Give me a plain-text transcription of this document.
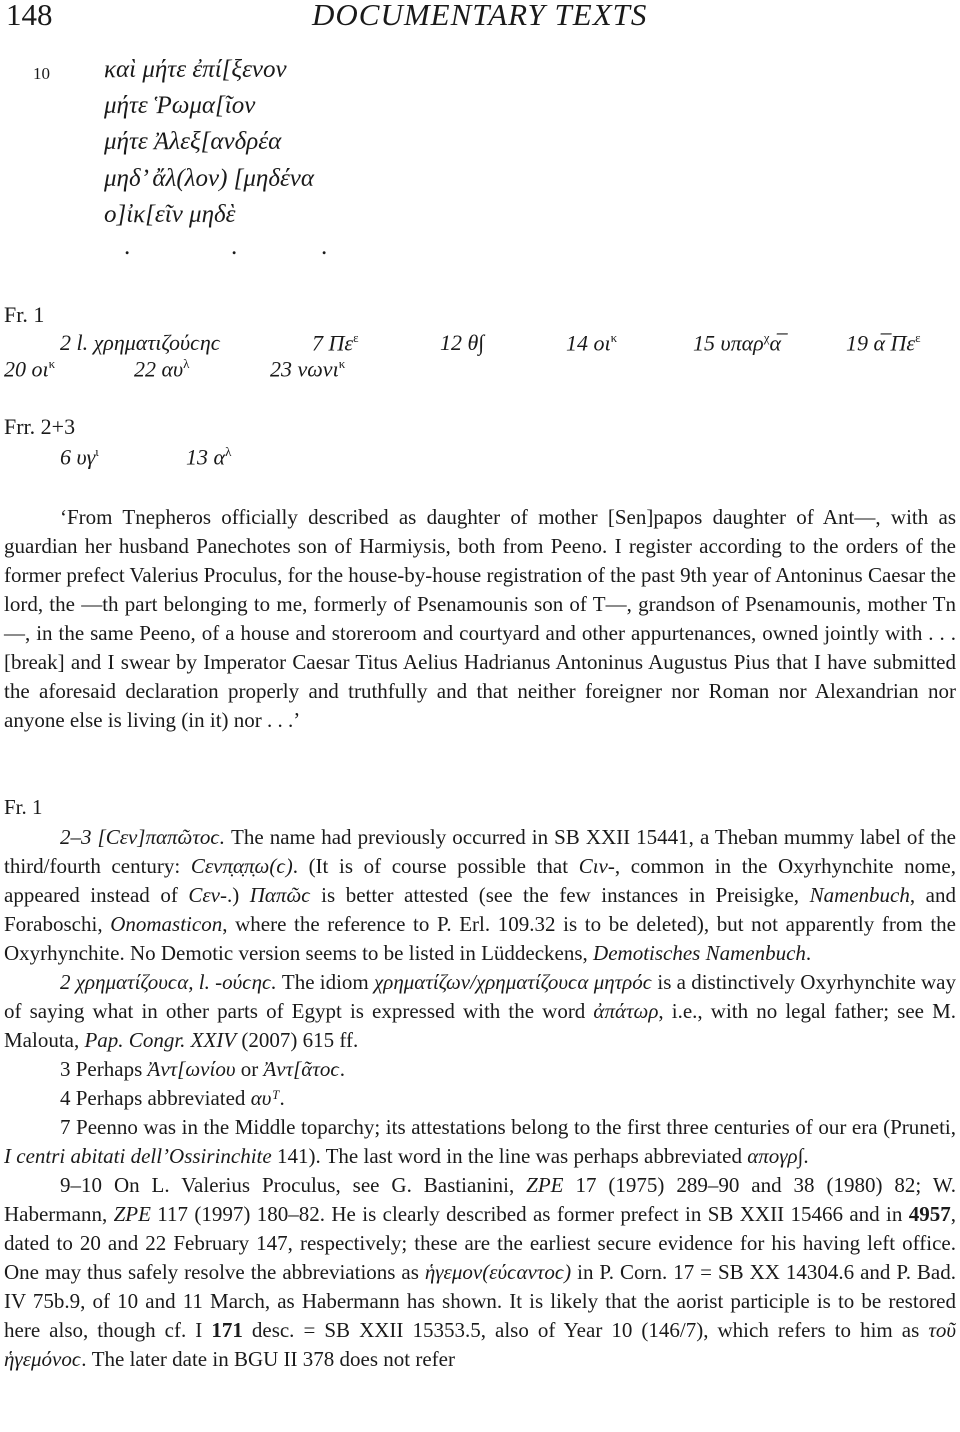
148	DOCUMENTARY TEXTS
10 καὶ μήτε ἐπί[ξενον
μήτε Ῥωμα[ῖον
μήτε Ἀλεξ[ανδρέα
μηδ’ ἄλ(λον) [μηδένα
ο]ἰκ[εῖν μηδὲ
.	.	.
Fr. 1
2 l. χρηματιζούϲηϲ	7 $\Pi\varepsilon^\varepsilon$	12 θ∫	14 $o\iota^\kappa$	15 υπαρ$^\chi$α̅	19 α̅ $\Pi\varepsilon^\varepsilon$
20 $o\iota^\kappa$	22 $\alpha\upsilon^\lambda$	23 νωνι$^\kappa$
Frr. 2+3
6 $\upsilon\gamma^\iota$	13 $\alpha^\lambda$
‘From Tnepheros officially described as daughter of mother [Sen]papos daughter of Ant—, with as guardian her husband Panechotes son of Harmiysis, both from Peeno. I register according to the orders of the former prefect Valerius Proculus, for the house-by-house registration of the past 9th year of Antoninus Caesar the lord, the —th part belonging to me, formerly of Psenamounis son of T—, grandson of Psenamounis, mother Tn—, in the same Peeno, of a house and storeroom and courtyard and other appurtenances, owned jointly with . . . [break] and I swear by Imperator Caesar Titus Aelius Hadrianus Antoninus Augustus Pius that I have submitted the aforesaid declaration properly and truthfully and that neither foreigner nor Roman nor Alexandrian nor anyone else is living (in it) nor . . .’
Fr. 1
2–3 [Ϲεν]παπῶτοϲ. The name had previously occurred in SB XXII 15441, a Theban mummy label of the third/fourth century: Ϲενπ̣α̣π̣ω(ϲ). (It is of course possible that Ϲιν-, common in the Oxyrhynchite nome, appeared instead of Ϲεν-.) Παπῶϲ is better attested (see the few instances in Preisigke, Namenbuch, and Foraboschi, Onomasticon, where the reference to P. Erl. 109.32 is to be deleted), but not apparently from the Oxyrhynchite. No Demotic version seems to be listed in Lüddeckens, Demotisches Namenbuch.
2 χρηματίζουϲα, l. -ούϲηϲ. The idiom χρηματίζων/χρηματίζουϲα μητρόϲ is a distinctively Oxyrhynchite way of saying what in other parts of Egypt is expressed with the word ἀπάτωρ, i.e., with no legal father; see M. Malouta, Pap. Congr. XXIV (2007) 615 ff.
3 Perhaps Ἀντ[ωνίου or Ἀντ[ᾶτοϲ.
4 Perhaps abbreviated αυᵀ.
7 Peenno was in the Middle toparchy; its attestations belong to the first three centuries of our era (Pruneti, I centri abitati dell’Ossirinchite 141). The last word in the line was perhaps abbreviated απογρ∫.
9–10 On L. Valerius Proculus, see G. Bastianini, ZPE 17 (1975) 289–90 and 38 (1980) 82; W. Habermann, ZPE 117 (1997) 180–82. He is clearly described as former prefect in SB XXII 15466 and in 4957, dated to 20 and 22 February 147, respectively; these are the earliest secure evidence for his having left office. One may thus safely resolve the abbreviations as ἡγεμον(εύϲαντοϲ) in P. Corn. 17 = SB XX 14304.6 and P. Bad. IV 75b.9, of 10 and 11 March, as Habermann has shown. It is likely that the aorist participle is to be restored here also, though cf. I 171 desc. = SB XXII 15353.5, also of Year 10 (146/7), which refers to him as τοῦ ἡγεμόνοϲ. The later date in BGU II 378 does not refer
